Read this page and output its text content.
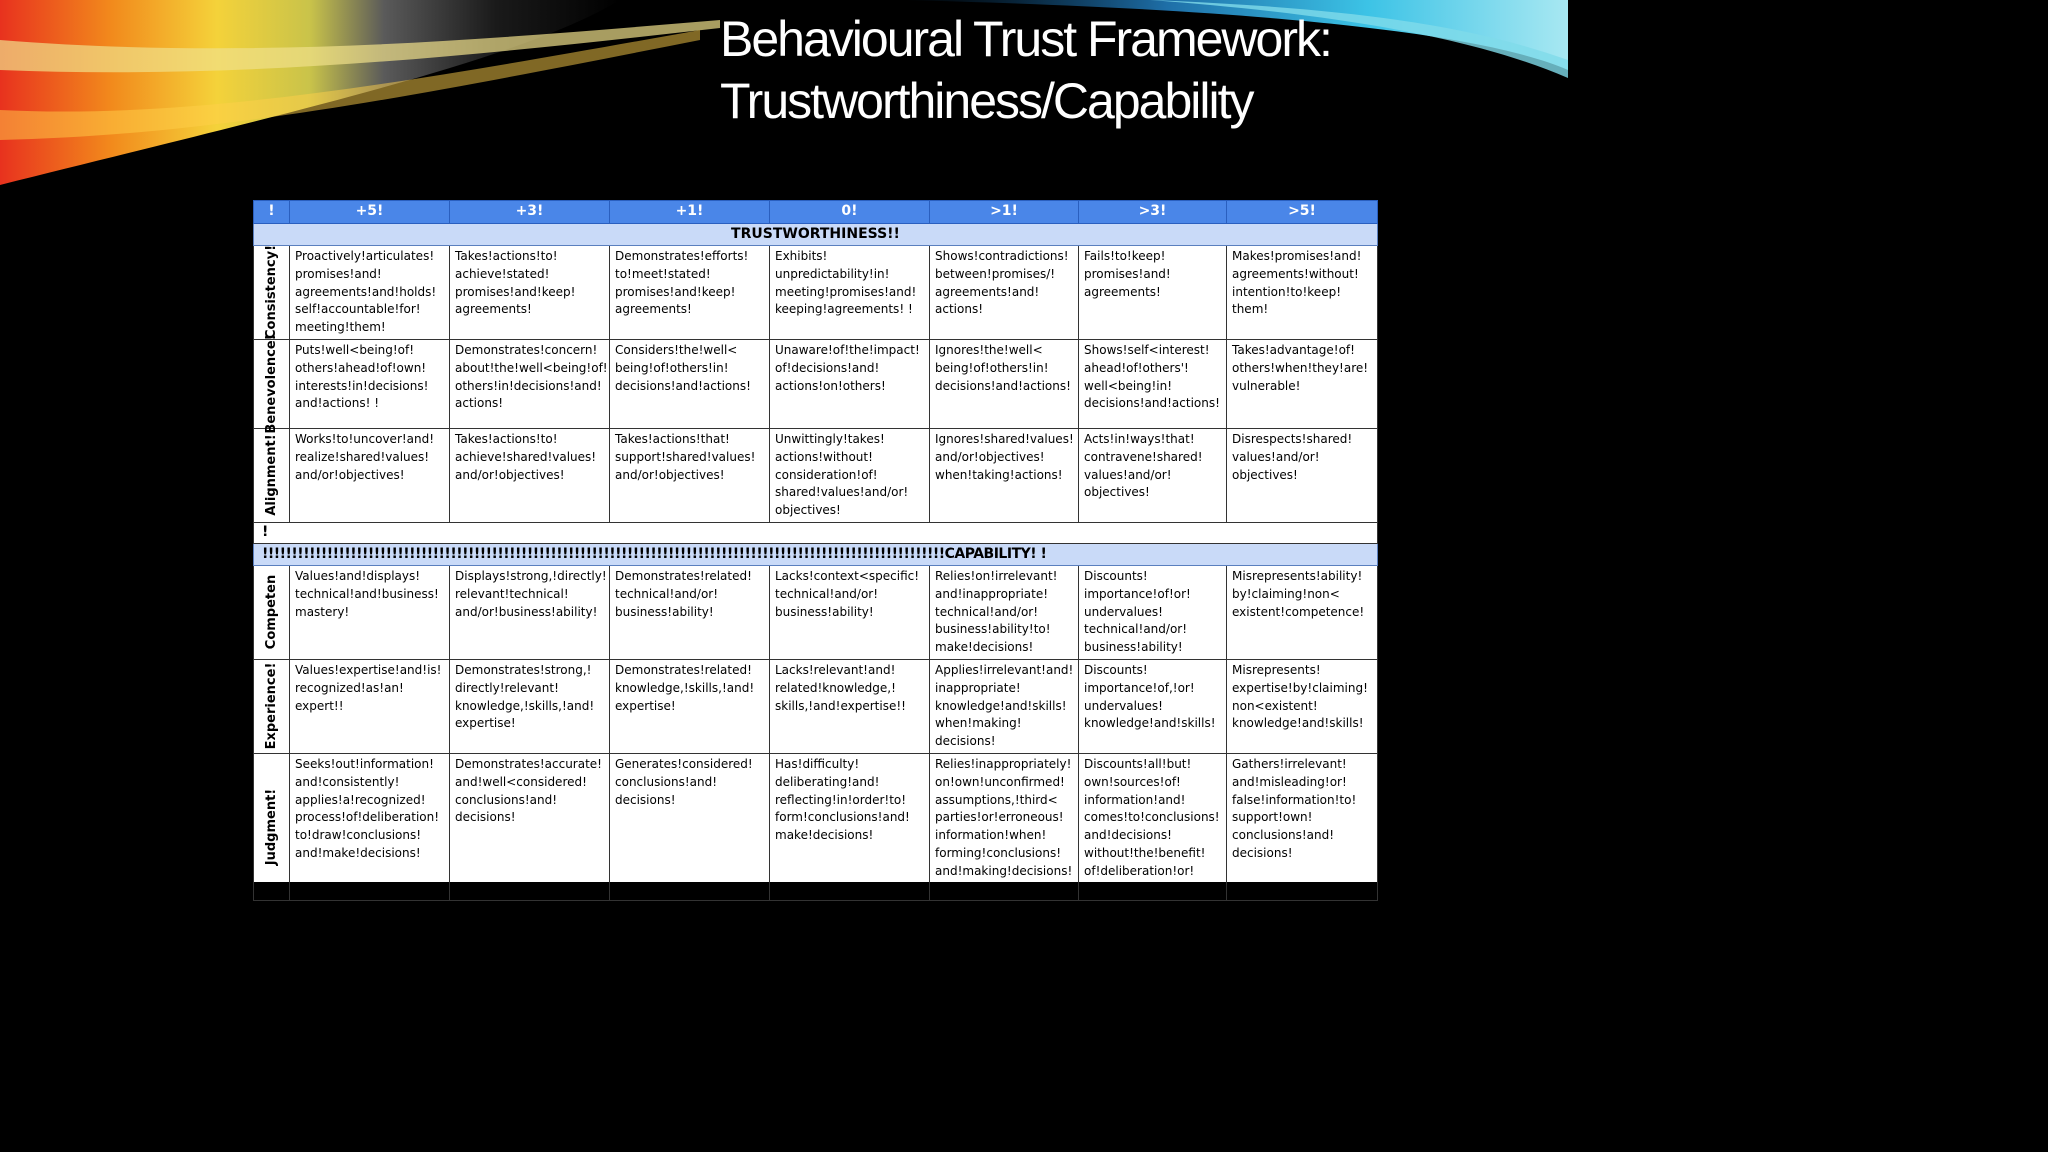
Behavioural Trust Framework:
Trustworthiness/Capability
!	+5!	+3!	+1!	0!	>1!	>3!	>5!
TRUSTWORTHINESS!!							

Consistency!	Proactively!articulates! promises!and! agreements!and!holds! self!accountable!for! meeting!them!	Takes!actions!to! achieve!stated! promises!and!keep! agreements!	Demonstrates!efforts! to!meet!stated! promises!and!keep! agreements!	Exhibits! unpredictability!in! meeting!promises!and! keeping!agreements! !	Shows!contradictions! between!promises/! agreements!and! actions!	Fails!to!keep! promises!and! agreements!	Makes!promises!and! agreements!without! intention!to!keep! them!

Benevolence!	Puts!well<being!of! others!ahead!of!own! interests!in!decisions! and!actions! !	Demonstrates!concern! about!the!well<being!of! others!in!decisions!and! actions!	Considers!the!well< being!of!others!in! decisions!and!actions!	Unaware!of!the!impact! of!decisions!and! actions!on!others!	Ignores!the!well< being!of!others!in! decisions!and!actions!	Shows!self<interest! ahead!of!others'! well<being!in! decisions!and!actions!	Takes!advantage!of! others!when!they!are! vulnerable!

Alignment!	Works!to!uncover!and! realize!shared!values! and/or!objectives!	Takes!actions!to! achieve!shared!values! and/or!objectives!	Takes!actions!that! support!shared!values! and/or!objectives!	Unwittingly!takes! actions!without! consideration!of! shared!values!and/or! objectives!	Ignores!shared!values! and/or!objectives! when!taking!actions!	Acts!in!ways!that! contravene!shared! values!and/or! objectives!	Disrespects!shared! values!and/or! objectives!
!							
!!!!!!!!!!!!!!!!!!!!!!!!!!!!!!!!!!!!!!!!!!!!!!!!!!!!!!!!!!!!!!!!!!!!!!!!!!!!!!!!!!!!!!!!!!!!!!!!!!!!!!!!!!!!!!!!!!!!CAPABILITY! !							

Competen	Values!and!displays! technical!and!business! mastery!	Displays!strong,!directly! relevant!technical! and/or!business!ability!	Demonstrates!related! technical!and/or! business!ability!	Lacks!context<specific! technical!and/or! business!ability!	Relies!on!irrelevant! and!inappropriate! technical!and/or! business!ability!to! make!decisions!	Discounts! importance!of!or! undervalues! technical!and/or! business!ability!	Misrepresents!ability! by!claiming!non< existent!competence!

Experience!	Values!expertise!and!is! recognized!as!an! expert!!	Demonstrates!strong,! directly!relevant! knowledge,!skills,!and! expertise!	Demonstrates!related! knowledge,!skills,!and! expertise!	Lacks!relevant!and! related!knowledge,! skills,!and!expertise!!	Applies!irrelevant!and! inappropriate! knowledge!and!skills! when!making! decisions!	Discounts! importance!of,!or! undervalues! knowledge!and!skills!	Misrepresents! expertise!by!claiming! non<existent! knowledge!and!skills!

Judgment!	Seeks!out!information! and!consistently! applies!a!recognized! process!of!deliberation! to!draw!conclusions! and!make!decisions!	Demonstrates!accurate! and!well<considered! conclusions!and! decisions!	Generates!considered! conclusions!and! decisions!	Has!difficulty! deliberating!and! reflecting!in!order!to! form!conclusions!and! make!decisions!	Relies!inappropriately! on!own!unconfirmed! assumptions,!third< parties!or!erroneous! information!when! forming!conclusions! and!making!decisions!	Discounts!all!but! own!sources!of! information!and! comes!to!conclusions! and!decisions! without!the!benefit! of!deliberation!or! reflection!!	Gathers!irrelevant! and!misleading!or! false!information!to! support!own! conclusions!and! decisions!
